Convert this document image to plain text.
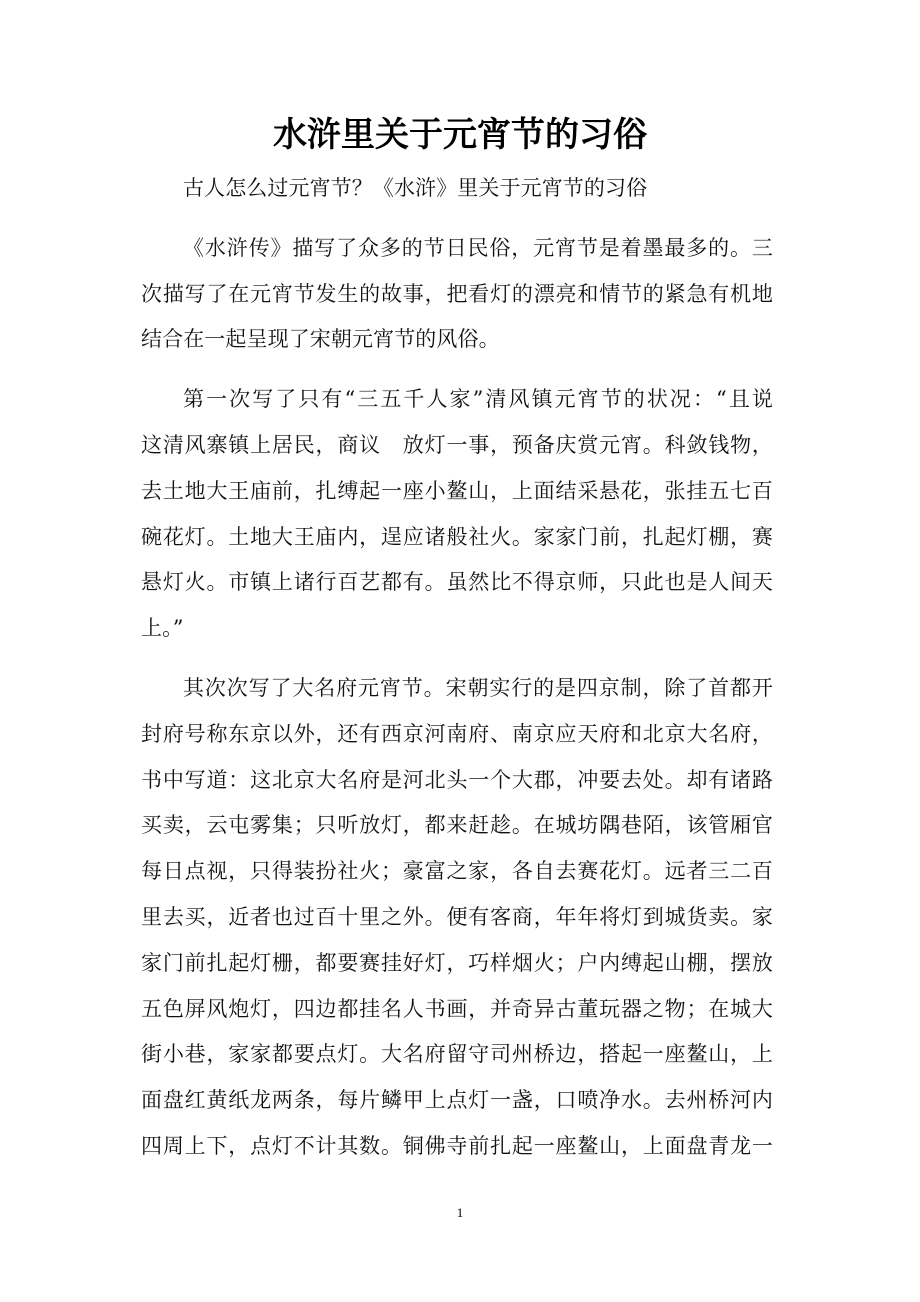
水浒里关于元宵节的习俗
古人怎么过元宵节？《水浒》里关于元宵节的习俗
《水浒传》描写了众多的节日民俗，元宵节是着墨最多的。三
次描写了在元宵节发生的故事，把看灯的漂亮和情节的紧急有机地
结合在一起呈现了宋朝元宵节的风俗。
第一次写了只有“三五千人家”清风镇元宵节的状况：“且说
这清风寨镇上居民，商议　放灯一事，预备庆赏元宵。科敛钱物，
去土地大王庙前，扎缚起一座小鳌山，上面结采悬花，张挂五七百
碗花灯。土地大王庙内，逞应诸般社火。家家门前，扎起灯棚，赛
悬灯火。市镇上诸行百艺都有。虽然比不得京师，只此也是人间天
上。”
其次次写了大名府元宵节。宋朝实行的是四京制，除了首都开
封府号称东京以外，还有西京河南府、南京应天府和北京大名府，
书中写道：这北京大名府是河北头一个大郡，冲要去处。却有诸路
买卖，云屯雾集；只听放灯，都来赶趁。在城坊隅巷陌，该管厢官
每日点视，只得装扮社火；豪富之家，各自去赛花灯。远者三二百
里去买，近者也过百十里之外。便有客商，年年将灯到城货卖。家
家门前扎起灯栅，都要赛挂好灯，巧样烟火；户内缚起山棚，摆放
五色屏风炮灯，四边都挂名人书画，并奇异古董玩器之物；在城大
街小巷，家家都要点灯。大名府留守司州桥边，搭起一座鳌山，上
面盘红黄纸龙两条，每片鳞甲上点灯一盏，口喷净水。去州桥河内
四周上下，点灯不计其数。铜佛寺前扎起一座鳌山，上面盘青龙一
1
